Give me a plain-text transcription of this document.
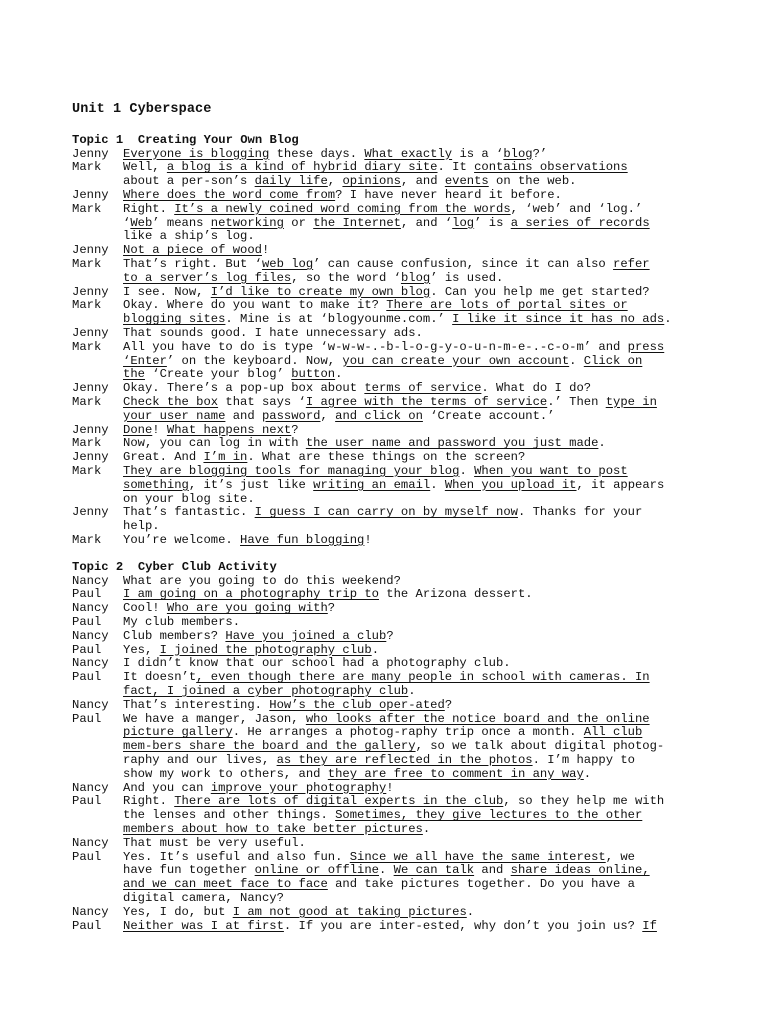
Unit 1 Cyberspace
Topic 1  Creating Your Own Blog
Jenny Everyone is blogging these days. What exactly is a ‘blog?’
Mark Well, a blog is a kind of hybrid diary site. It contains observations
about a per-son’s daily life, opinions, and events on the web.
Jenny Where does the word come from? I have never heard it before.
Mark Right. It’s a newly coined word coming from the words, ‘web’ and ‘log.’
‘Web’ means networking or the Internet, and ‘log’ is a series of records
like a ship’s log.
Jenny Not a piece of wood!
Mark That’s right. But ‘web log’ can cause confusion, since it can also refer
to a server’s log files, so the word ‘blog’ is used.
Jenny I see. Now, I’d like to create my own blog. Can you help me get started?
Mark Okay. Where do you want to make it? There are lots of portal sites or
blogging sites. Mine is at ‘blogyounme.com.’ I like it since it has no ads.
Jenny That sounds good. I hate unnecessary ads.
Mark All you have to do is type ‘w-w-w-.-b-l-o-g-y-o-u-n-m-e-.-c-o-m’ and press
‘Enter’ on the keyboard. Now, you can create your own account. Click on
the ‘Create your blog’ button.
Jenny Okay. There’s a pop-up box about terms of service. What do I do?
Mark Check the box that says ‘I agree with the terms of service.’ Then type in
your user name and password, and click on ‘Create account.’
Jenny Done! What happens next?
Mark Now, you can log in with the user name and password you just made.
Jenny Great. And I’m in. What are these things on the screen?
Mark They are blogging tools for managing your blog. When you want to post
something, it’s just like writing an email. When you upload it, it appears
on your blog site.
Jenny That’s fantastic. I guess I can carry on by myself now. Thanks for your
help.
Mark You’re welcome. Have fun blogging!
Topic 2  Cyber Club Activity
Nancy What are you going to do this weekend?
Paul I am going on a photography trip to the Arizona dessert.
Nancy Cool! Who are you going with?
Paul My club members.
Nancy Club members? Have you joined a club?
Paul Yes, I joined the photography club.
Nancy I didn’t know that our school had a photography club.
Paul It doesn’t, even though there are many people in school with cameras. In
fact, I joined a cyber photography club.
Nancy That’s interesting. How’s the club oper-ated?
Paul We have a manger, Jason, who looks after the notice board and the online
picture gallery. He arranges a photog-raphy trip once a month. All club
mem-bers share the board and the gallery, so we talk about digital photog-
raphy and our lives, as they are reflected in the photos. I’m happy to
show my work to others, and they are free to comment in any way.
Nancy And you can improve your photography!
Paul Right. There are lots of digital experts in the club, so they help me with
the lenses and other things. Sometimes, they give lectures to the other
members about how to take better pictures.
Nancy That must be very useful.
Paul Yes. It’s useful and also fun. Since we all have the same interest, we
have fun together online or offline. We can talk and share ideas online,
and we can meet face to face and take pictures together. Do you have a
digital camera, Nancy?
Nancy Yes, I do, but I am not good at taking pictures.
Paul Neither was I at first. If you are inter-ested, why don’t you join us? If
